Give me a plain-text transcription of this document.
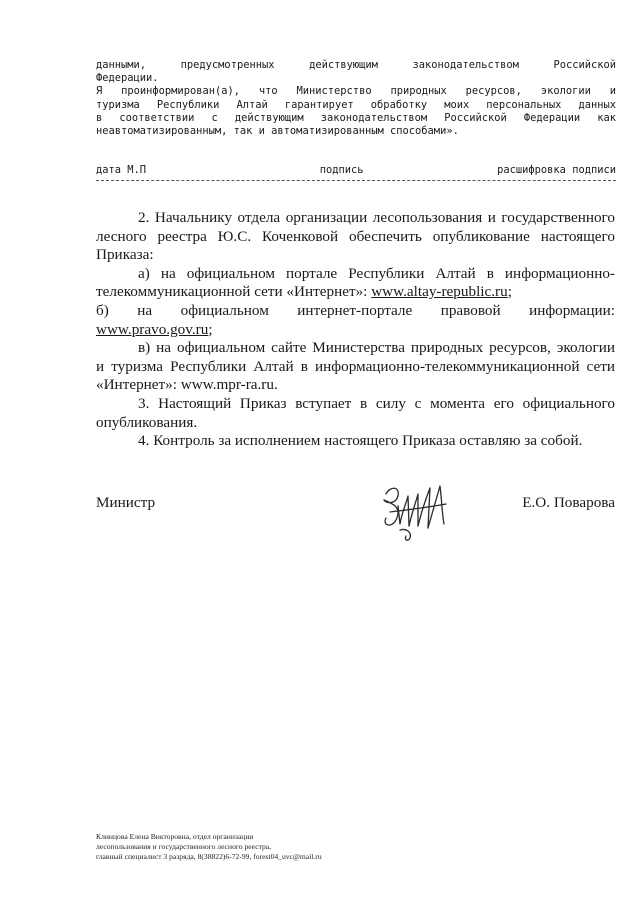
данными, предусмотренных действующим законодательством Российской
Федерации.
Я проинформирован(а), что Министерство природных ресурсов, экологии и
туризма Республики Алтай гарантирует обработку моих персональных данных
в соответствии с действующим законодательством Российской Федерации как
неавтоматизированным, так и автоматизированным способами».
дата М.П	подпись	расшифровка подписи
2. Начальнику отдела организации лесопользования и государственного
лесного реестра Ю.С. Коченковой обеспечить опубликование настоящего
Приказа:
а) на официальном портале Республики Алтай в информационно-
телекоммуникационной сети «Интернет»: www.altay-republic.ru;
б) на официальном интернет-портале правовой информации:
www.pravo.gov.ru;
в) на официальном сайте Министерства природных ресурсов, экологии
и туризма Республики Алтай в информационно-телекоммуникационной сети
«Интернет»: www.mpr-ra.ru.
3. Настоящий Приказ вступает в силу с момента его официального
опубликования.
4. Контроль за исполнением настоящего Приказа оставляю за собой.
Министр	Е.О. Поварова
Клинцова Елена Викторовна, отдел организации
лесопользования и государственного лесного реестра,
главный специалист 3 разряда, 8(38822)6-72-99, forest04_uvc@mail.ru
